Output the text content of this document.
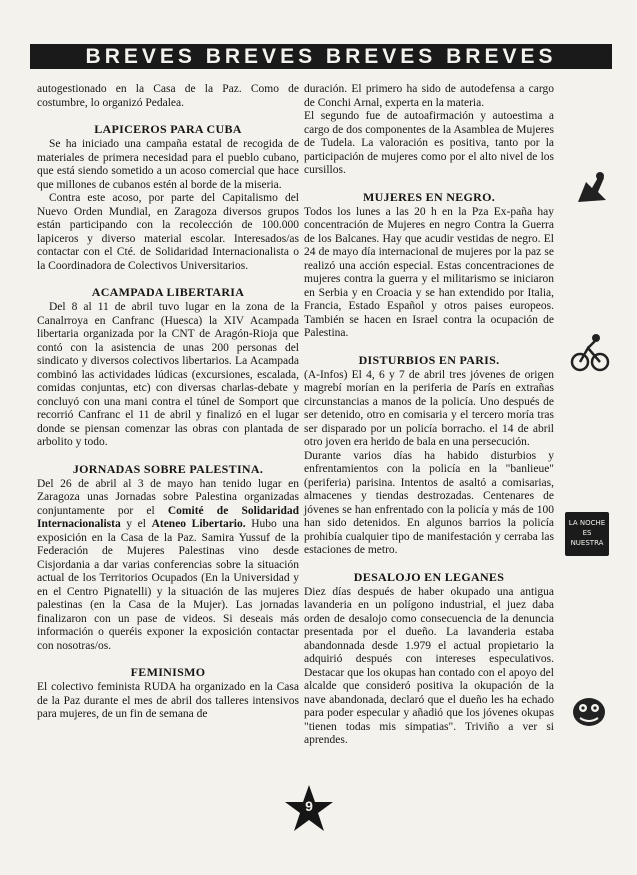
BREVES BREVES BREVES BREVES

autogestionado en la Casa de la Paz. Como de costumbre, lo organizó Pedalea.

LAPICEROS PARA CUBA

Se ha iniciado una campaña estatal de recogida de materiales de primera necesidad para el pueblo cubano, que está siendo sometido a un acoso comercial que hace que millones de cubanos estén al borde de la miseria.

Contra este acoso, por parte del Capitalismo del Nuevo Orden Mundial, en Zaragoza diversos grupos están participando con la recolección de 100.000 lapiceros y diverso material escolar. Interesados/as contactar con el Cté. de Solidaridad Internacionalista o la Coordinadora de Colectivos Universitarios.

ACAMPADA LIBERTARIA

Del 8 al 11 de abril tuvo lugar en la zona de la Canalrroya en Canfranc (Huesca) la XIV Acampada libertaria organizada por la CNT de Aragón-Rioja que contó con la asistencia de unas 200 personas del sindicato y diversos colectivos libertarios. La Acampada combinó las actividades lúdicas (excursiones, escalada, comidas conjuntas, etc) con diversas charlas-debate y concluyó con una mani contra el túnel de Somport que recorrió Canfranc el 11 de abril y finalizó en el lugar donde se piensan comenzar las obras con plantada de arbolito y todo.

JORNADAS SOBRE PALESTINA.

Del 26 de abril al 3 de mayo han tenido lugar en Zaragoza unas Jornadas sobre Palestina organizadas conjuntamente por el Comité de Solidaridad Internacionalista y el Ateneo Libertario. Hubo una exposición en la Casa de la Paz. Samira Yussuf de la Federación de Mujeres Palestinas vino desde Cisjordania a dar varias conferencias sobre la situación actual de los Territorios Ocupados (En la Universidad y en el Centro Pignatelli) y la situación de las mujeres palestinas (en la Casa de la Mujer). Las jornadas finalizaron con un pase de videos. Si deseais más información o queréis exponer la exposición contactar con nosotras/os.

FEMINISMO

El colectivo feminista RUDA ha organizado en la Casa de la Paz durante el mes de abril dos talleres intensivos para mujeres, de un fin de semana de

duración. El primero ha sido de autodefensa a cargo de Conchi Arnal, experta en la materia.

El segundo fue de autoafirmación y autoestima a cargo de dos componentes de la Asamblea de Mujeres de Tudela. La valoración es positiva, tanto por la participación de mujeres como por el alto nivel de los cursillos.

MUJERES EN NEGRO.

Todos los lunes a las 20 h en la Pza Ex-paña hay concentración de Mujeres en negro Contra la Guerra de los Balcanes. Hay que acudir vestidas de negro. El 24 de mayo día internacional de mujeres por la paz se realizó una acción especial. Estas concentraciones de mujeres contra la guerra y el militarismo se iniciaron en Serbia y en Croacia y se han extendido por Italia, Francia, Estado Español y otros paises europeos. También se hacen en Israel contra la ocupación de Palestina.

DISTURBIOS EN PARIS.

(A-Infos) El 4, 6 y 7 de abril tres jóvenes de origen magrebí morían en la periferia de París en extrañas circunstancias a manos de la policía. Uno después de ser detenido, otro en comisaria y el tercero moría tras ser disparado por un policía borracho. el 14 de abril otro joven era herido de bala en una persecución.

Durante varios días ha habido disturbios y enfrentamientos con la policía en la "banlieue" (periferia) parisina. Intentos de asaltó a comisarias, almacenes y tiendas destrozadas. Centenares de jóvenes se han enfrentado con la policía y más de 100 han sido detenidos. En algunos barrios la policía prohibía cualquier tipo de manifestación y cerraba las estaciones de metro.

DESALOJO EN LEGANES

Diez días después de haber okupado una antigua lavanderia en un polígono industrial, el juez daba orden de desalojo como consecuencia de la denuncia presentada por el dueño. La lavanderia estaba abandonnada desde 1.979 el actual propietario la adquirió después con intereses especulativos. Destacar que los okupas han contado con el apoyo del alcalde que consideró positiva la okupación de la nave abandonada, declaró que el dueño les ha echado para poder especular y añadió que los jóvenes okupas "tienen todas mis simpatias". Triviño a ver si aprendes.

LA NOCHE
ES
NUESTRA
9
